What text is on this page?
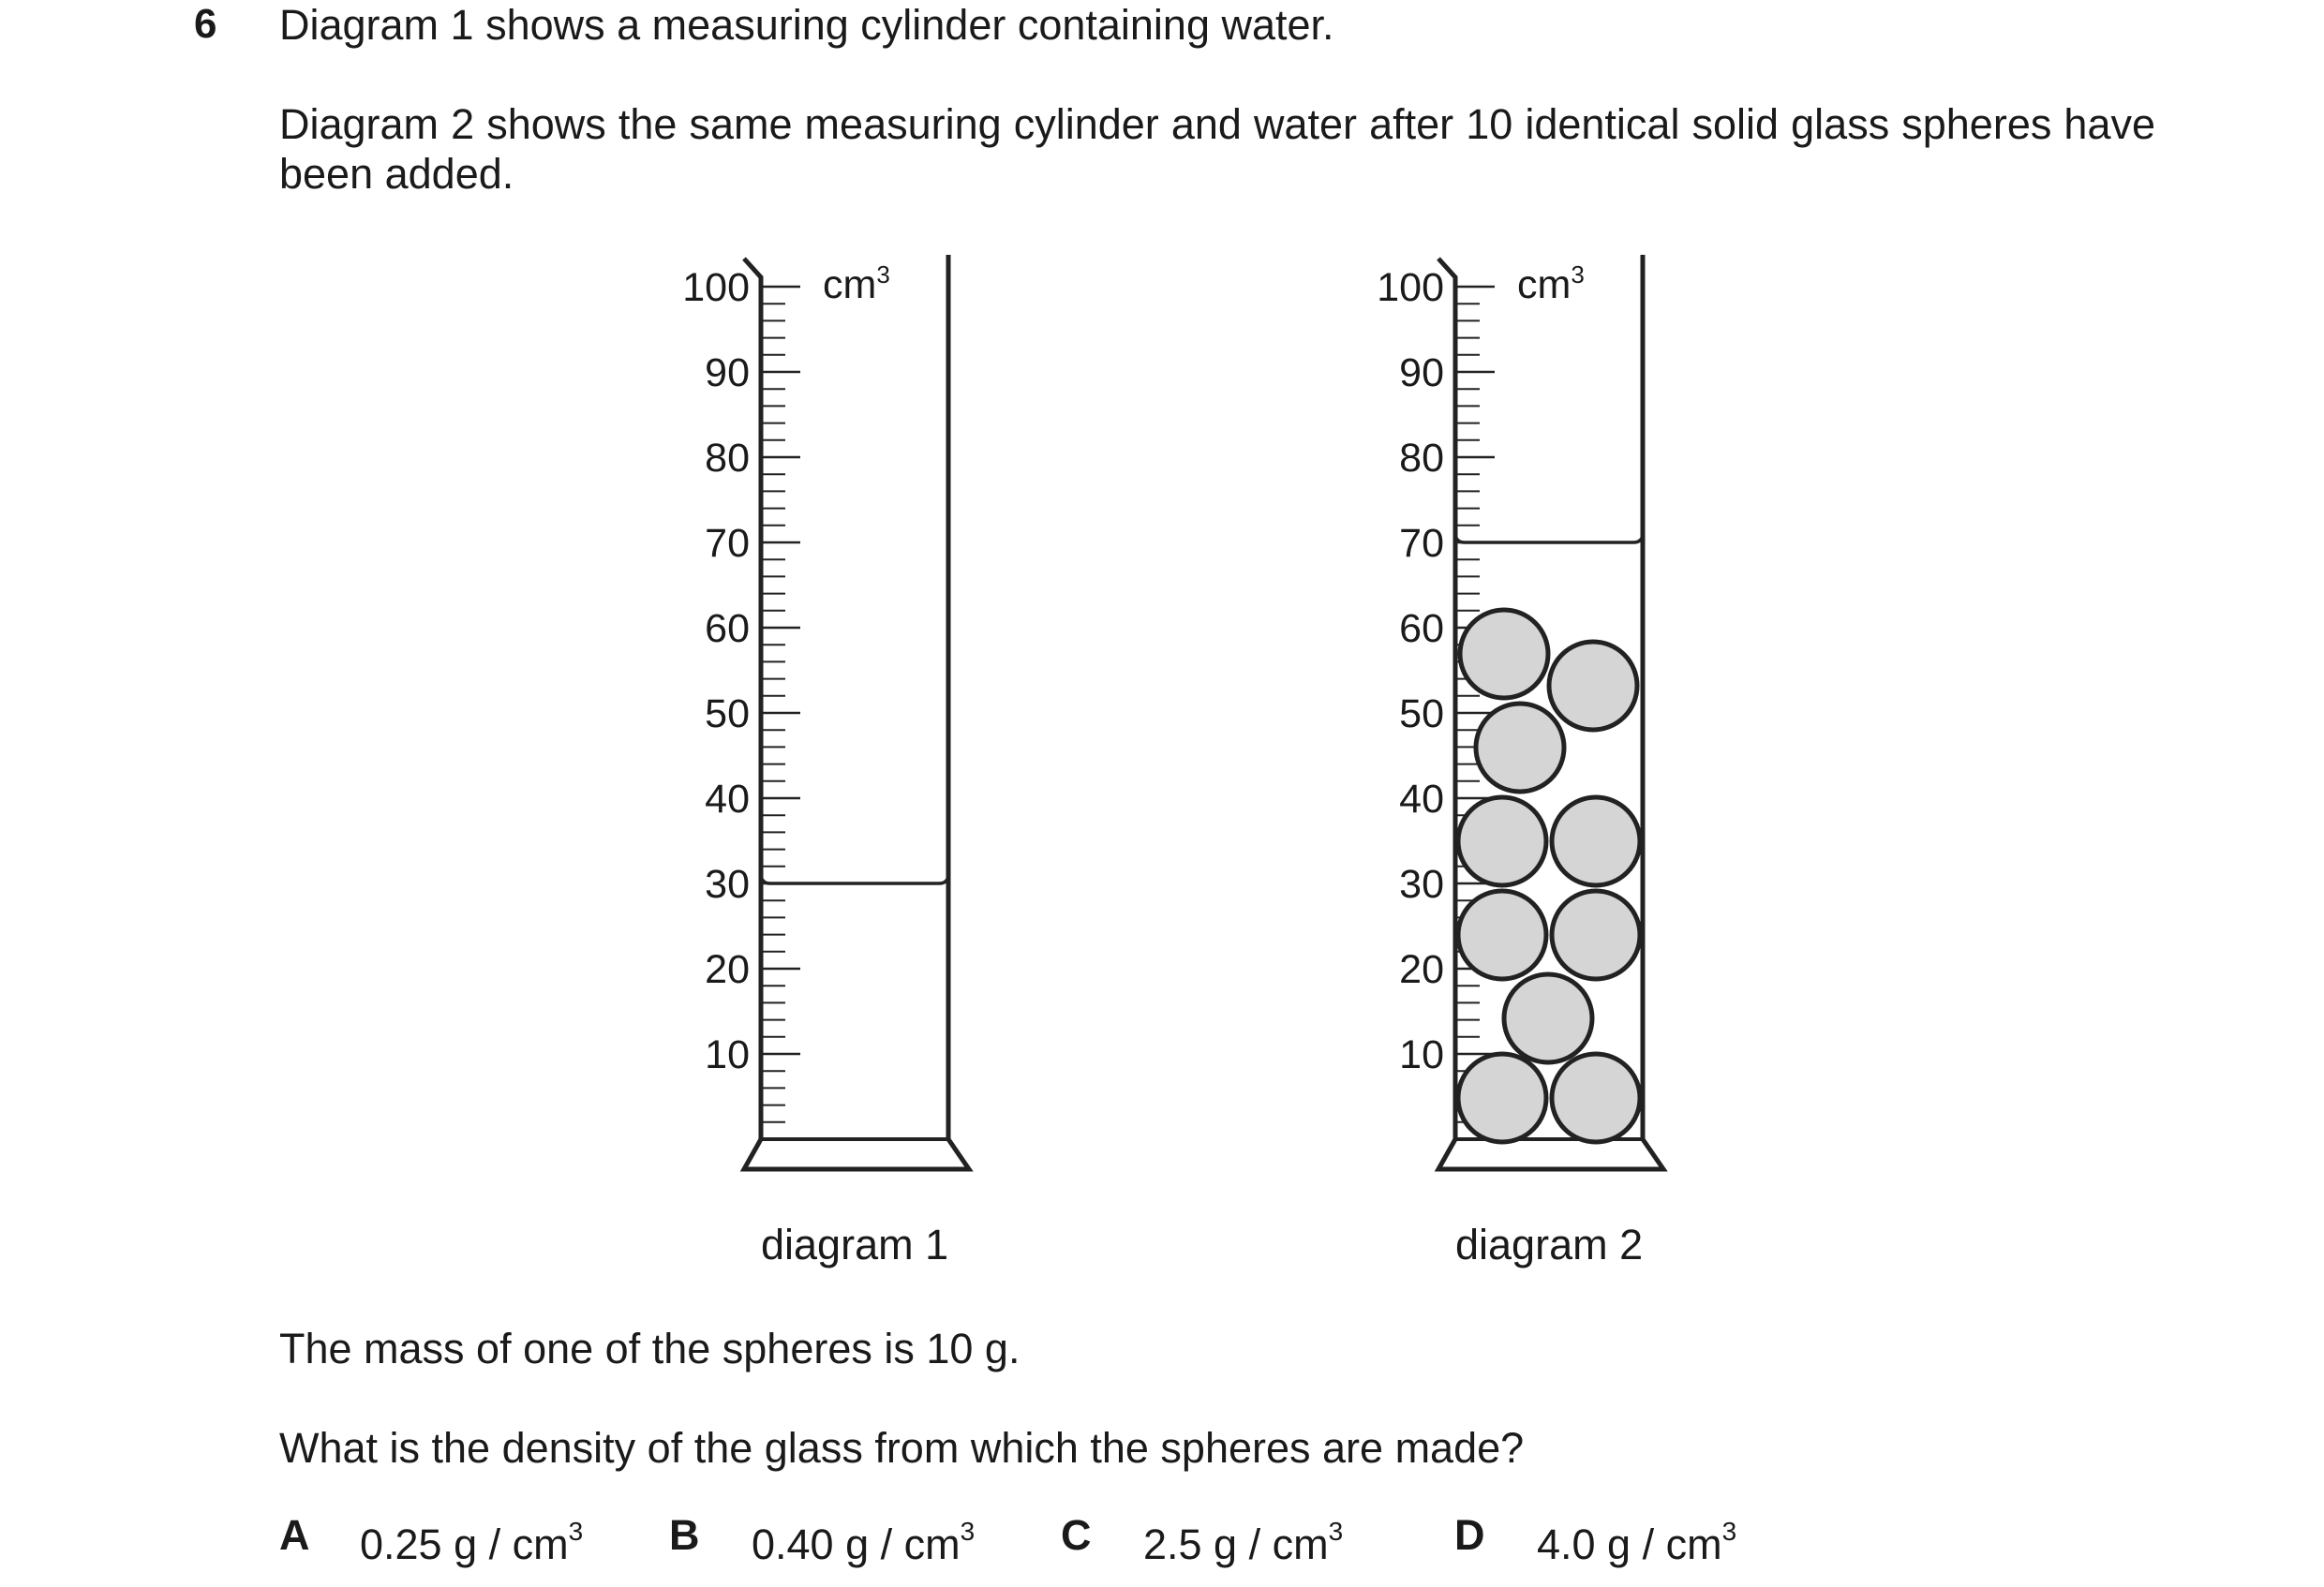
6 Diagram 1 shows a measuring cylinder containing water.
Diagram 2 shows the same measuring cylinder and water after 10 identical solid glass spheres have been added.
100
90
80
70
60
50
40
30
20
10
$cm^3$	100
90
80
70
60
50
40
30
20
10
$cm^3$
diagram 1	diagram 2
The mass of one of the spheres is 10 g.
What is the density of the glass from which the spheres are made?
A 0.25 g / $cm^3$ B 0.40 g / $cm^3$ C 2.5 g / $cm^3$	D 4.0 g / $cm^3$
